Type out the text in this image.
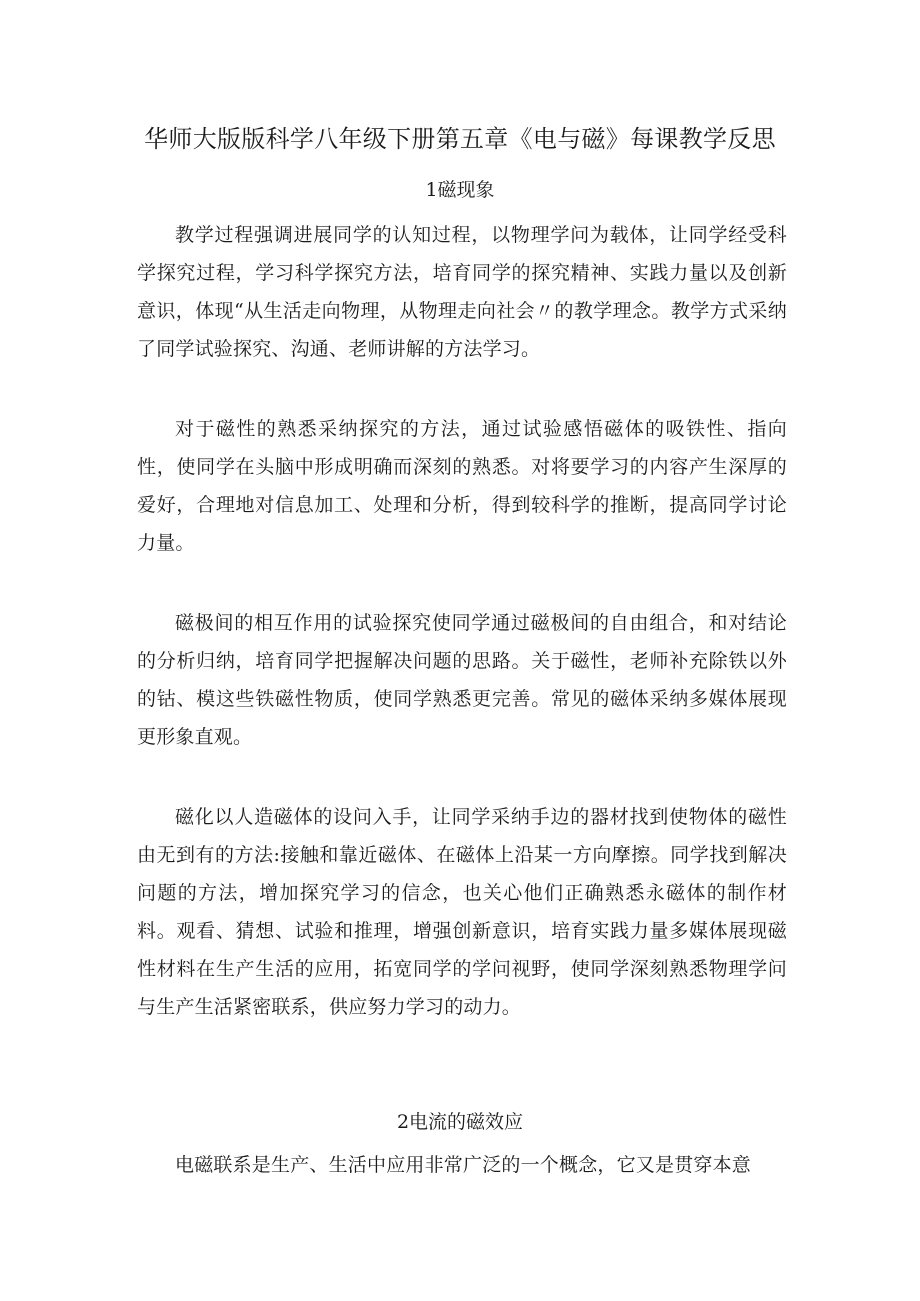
华师大版版科学八年级下册第五章《电与磁》每课教学反思
1磁现象

教学过程强调进展同学的认知过程，以物理学问为载体，让同学经受科学探究过程，学习科学探究方法，培育同学的探究精神、实践力量以及创新意识，体现“从生活走向物理，从物理走向社会〃的教学理念。教学方式采纳了同学试验探究、沟通、老师讲解的方法学习。

对于磁性的熟悉采纳探究的方法，通过试验感悟磁体的吸铁性、指向性，使同学在头脑中形成明确而深刻的熟悉。对将要学习的内容产生深厚的爱好，合理地对信息加工、处理和分析，得到较科学的推断，提高同学讨论力量。

磁极间的相互作用的试验探究使同学通过磁极间的自由组合，和对结论的分析归纳，培育同学把握解决问题的思路。关于磁性，老师补充除铁以外的钴、模这些铁磁性物质，使同学熟悉更完善。常见的磁体采纳多媒体展现更形象直观。

磁化以人造磁体的设问入手，让同学采纳手边的器材找到使物体的磁性由无到有的方法:接触和靠近磁体、在磁体上沿某一方向摩擦。同学找到解决问题的方法，增加探究学习的信念，也关心他们正确熟悉永磁体的制作材料。观看、猜想、试验和推理，增强创新意识，培育实践力量多媒体展现磁性材料在生产生活的应用，拓宽同学的学问视野，使同学深刻熟悉物理学问与生产生活紧密联系，供应努力学习的动力。

2电流的磁效应

电磁联系是生产、生活中应用非常广泛的一个概念，它又是贯穿本意
